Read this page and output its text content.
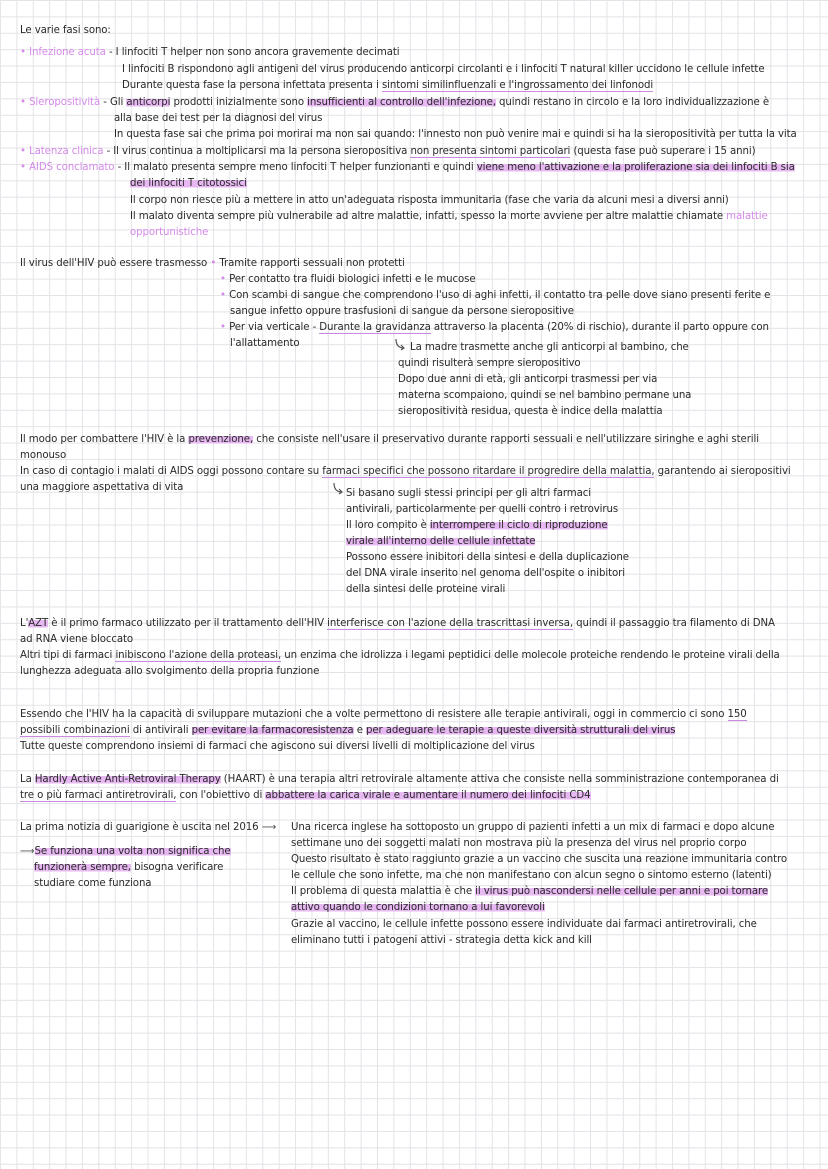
Le varie fasi sono:
• Infezione acuta - I linfociti T helper non sono ancora gravemente decimati
I linfociti B rispondono agli antigeni del virus producendo anticorpi circolanti e i linfociti T natural killer uccidono le cellule infette
Durante questa fase la persona infettata presenta i sintomi similinfluenzali e l'ingrossamento dei linfonodi
• Sieropositività - Gli anticorpi prodotti inizialmente sono insufficienti al controllo dell'infezione, quindi restano in circolo e la loro individualizzazione è
alla base dei test per la diagnosi del virus
In questa fase sai che prima poi morirai ma non sai quando: l'innesto non può venire mai e quindi si ha la sieropositività per tutta la vita
• Latenza clinica - Il virus continua a moltiplicarsi ma la persona sieropositiva non presenta sintomi particolari (questa fase può superare i 15 anni)
• AIDS conclamato - Il malato presenta sempre meno linfociti T helper funzionanti e quindi viene meno l'attivazione e la proliferazione sia dei linfociti B sia
dei linfociti T citotossici
Il corpo non riesce più a mettere in atto un'adeguata risposta immunitaria (fase che varia da alcuni mesi a diversi anni)
Il malato diventa sempre più vulnerabile ad altre malattie, infatti, spesso la morte avviene per altre malattie chiamate malattie
opportunistiche
Il virus dell'HIV può essere trasmesso • Tramite rapporti sessuali non protetti
• Per contatto tra fluidi biologici infetti e le mucose
• Con scambi di sangue che comprendono l'uso di aghi infetti, il contatto tra pelle dove siano presenti ferite e
sangue infetto oppure trasfusioni di sangue da persone sieropositive
• Per via verticale - Durante la gravidanza attraverso la placenta (20% di rischio), durante il parto oppure con
l'allattamento	La madre trasmette anche gli anticorpi al bambino, che
quindi risulterà sempre sieropositivo
Dopo due anni di età, gli anticorpi trasmessi per via
materna scompaiono, quindi se nel bambino permane una
sieropositività residua, questa è indice della malattia
Il modo per combattere l'HIV è la prevenzione, che consiste nell'usare il preservativo durante rapporti sessuali e nell'utilizzare siringhe e aghi sterili
monouso
In caso di contagio i malati di AIDS oggi possono contare su farmaci specifici che possono ritardare il progredire della malattia, garantendo ai sieropositivi
una maggiore aspettativa di vita
Si basano sugli stessi principi per gli altri farmaci
antivirali, particolarmente per quelli contro i retrovirus
Il loro compito è interrompere il ciclo di riproduzione
virale all'interno delle cellule infettate
Possono essere inibitori della sintesi e della duplicazione
del DNA virale inserito nel genoma dell'ospite o inibitori
della sintesi delle proteine virali
L'AZT è il primo farmaco utilizzato per il trattamento dell'HIV interferisce con l'azione della trascrittasi inversa, quindi il passaggio tra filamento di DNA
ad RNA viene bloccato
Altri tipi di farmaci inibiscono l'azione della proteasi, un enzima che idrolizza i legami peptidici delle molecole proteiche rendendo le proteine virali della
lunghezza adeguata allo svolgimento della propria funzione
Essendo che l'HIV ha la capacità di sviluppare mutazioni che a volte permettono di resistere alle terapie antivirali, oggi in commercio ci sono 150
possibili combinazioni di antivirali per evitare la farmacoresistenza e per adeguare le terapie a queste diversità strutturali del virus
Tutte queste comprendono insiemi di farmaci che agiscono sui diversi livelli di moltiplicazione del virus
La Hardly Active Anti-Retroviral Therapy (HAART) è una terapia altri retrovirale altamente attiva che consiste nella somministrazione contemporanea di
tre o più farmaci antiretrovirali, con l'obiettivo di abbattere la carica virale e aumentare il numero dei linfociti CD4
La prima notizia di guarigione è uscita nel 2016 ⟶
⟶Se funziona una volta non significa che
funzionerà sempre, bisogna verificare
studiare come funziona
Una ricerca inglese ha sottoposto un gruppo di pazienti infetti a un mix di farmaci e dopo alcune
settimane uno dei soggetti malati non mostrava più la presenza del virus nel proprio corpo
Questo risultato è stato raggiunto grazie a un vaccino che suscita una reazione immunitaria contro
le cellule che sono infette, ma che non manifestano con alcun segno o sintomo esterno (latenti)
Il problema di questa malattia è che il virus può nascondersi nelle cellule per anni e poi tornare
attivo quando le condizioni tornano a lui favorevoli
Grazie al vaccino, le cellule infette possono essere individuate dai farmaci antiretrovirali, che
eliminano tutti i patogeni attivi - strategia detta kick and kill
